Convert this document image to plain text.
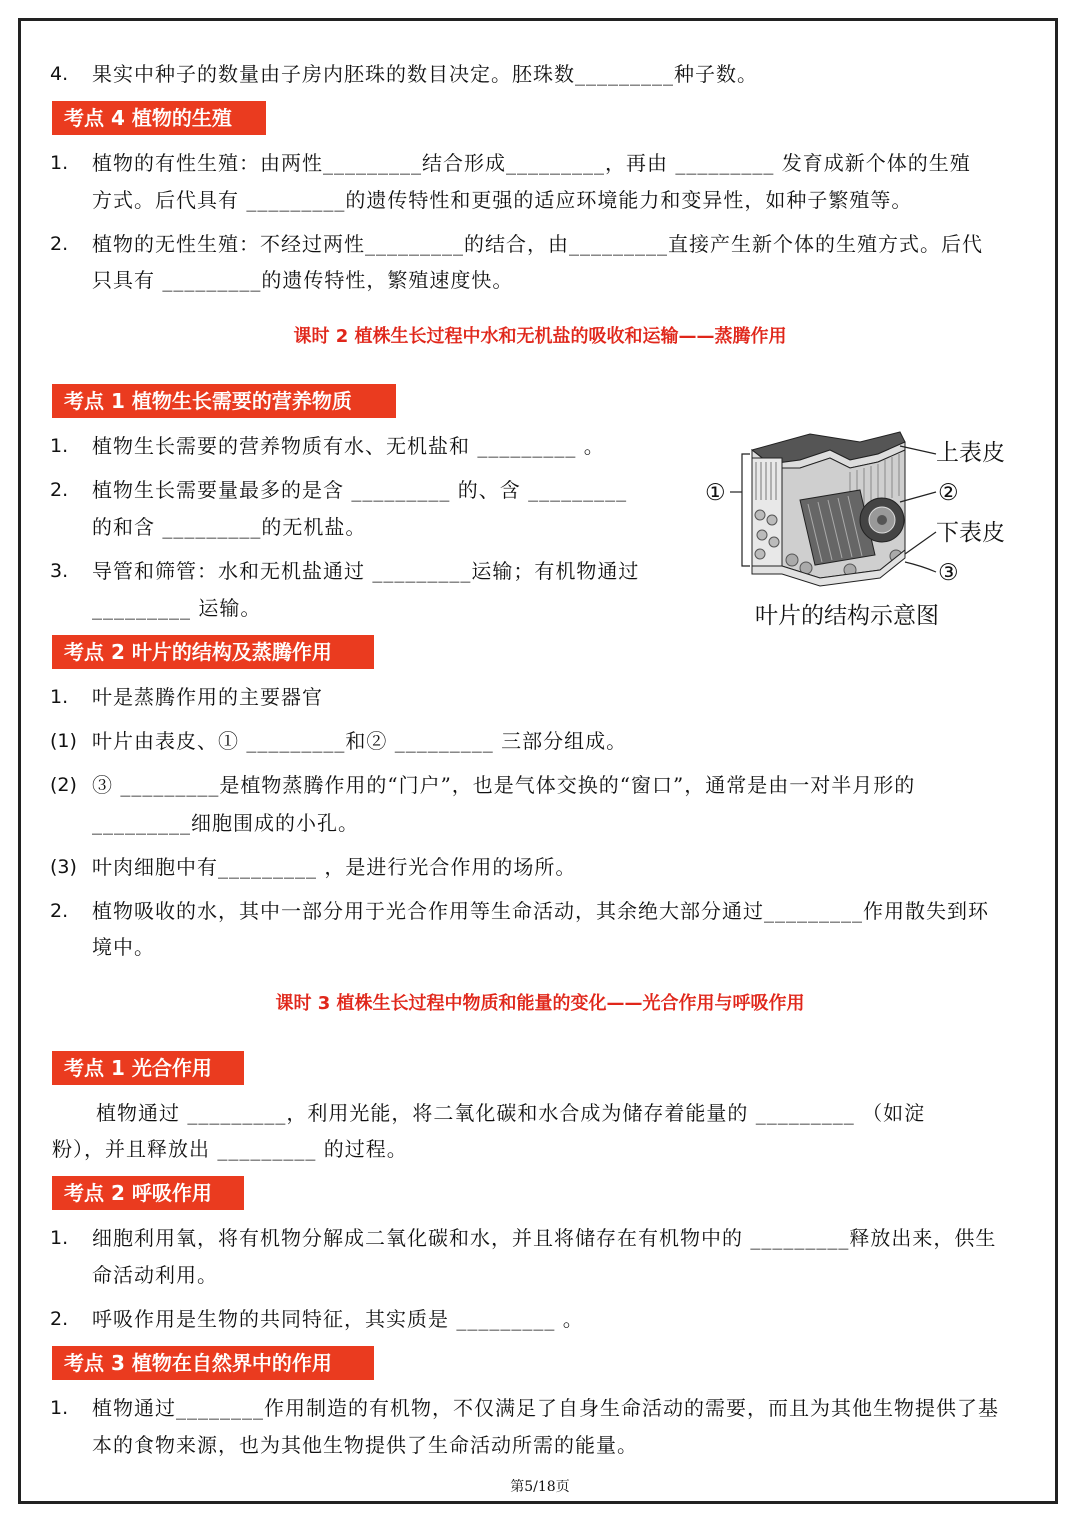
4. 果实中种子的数量由子房内胚珠的数目决定。胚珠数_________种子数。
考点 4 植物的生殖
1. 植物的有性生殖：由两性_________结合形成_________，再由 _________ 发育成新个体的生殖
方式。后代具有 _________的遗传特性和更强的适应环境能力和变异性，如种子繁殖等。
2. 植物的无性生殖：不经过两性_________的结合，由_________直接产生新个体的生殖方式。后代
只具有 _________的遗传特性，繁殖速度快。
课时 2 植株生长过程中水和无机盐的吸收和运输——蒸腾作用
考点 1 植物生长需要的营养物质
1. 植物生长需要的营养物质有水、无机盐和 _________ 。
2. 植物生长需要量最多的是含 _________ 的、含 _________
的和含 _________的无机盐。
3. 导管和筛管：水和无机盐通过 _________运输；有机物通过
_________ 运输。
上表皮
②
下表皮
③
①
叶片的结构示意图
考点 2 叶片的结构及蒸腾作用
1. 叶是蒸腾作用的主要器官
(1) 叶片由表皮、① _________和② _________ 三部分组成。
(2) ③ _________是植物蒸腾作用的“门户”，也是气体交换的“窗口”，通常是由一对半月形的
_________细胞围成的小孔。
(3) 叶肉细胞中有_________ ，是进行光合作用的场所。
2. 植物吸收的水，其中一部分用于光合作用等生命活动，其余绝大部分通过_________作用散失到环
境中。
课时 3 植株生长过程中物质和能量的变化——光合作用与呼吸作用
考点 1 光合作用
植物通过 _________，利用光能，将二氧化碳和水合成为储存着能量的 _________ （如淀
粉），并且释放出 _________ 的过程。
考点 2 呼吸作用
1. 细胞利用氧，将有机物分解成二氧化碳和水，并且将储存在有机物中的 _________释放出来，供生
命活动利用。
2. 呼吸作用是生物的共同特征，其实质是 _________ 。
考点 3 植物在自然界中的作用
1. 植物通过________作用制造的有机物，不仅满足了自身生命活动的需要，而且为其他生物提供了基
本的食物来源，也为其他生物提供了生命活动所需的能量。
第5/18页
